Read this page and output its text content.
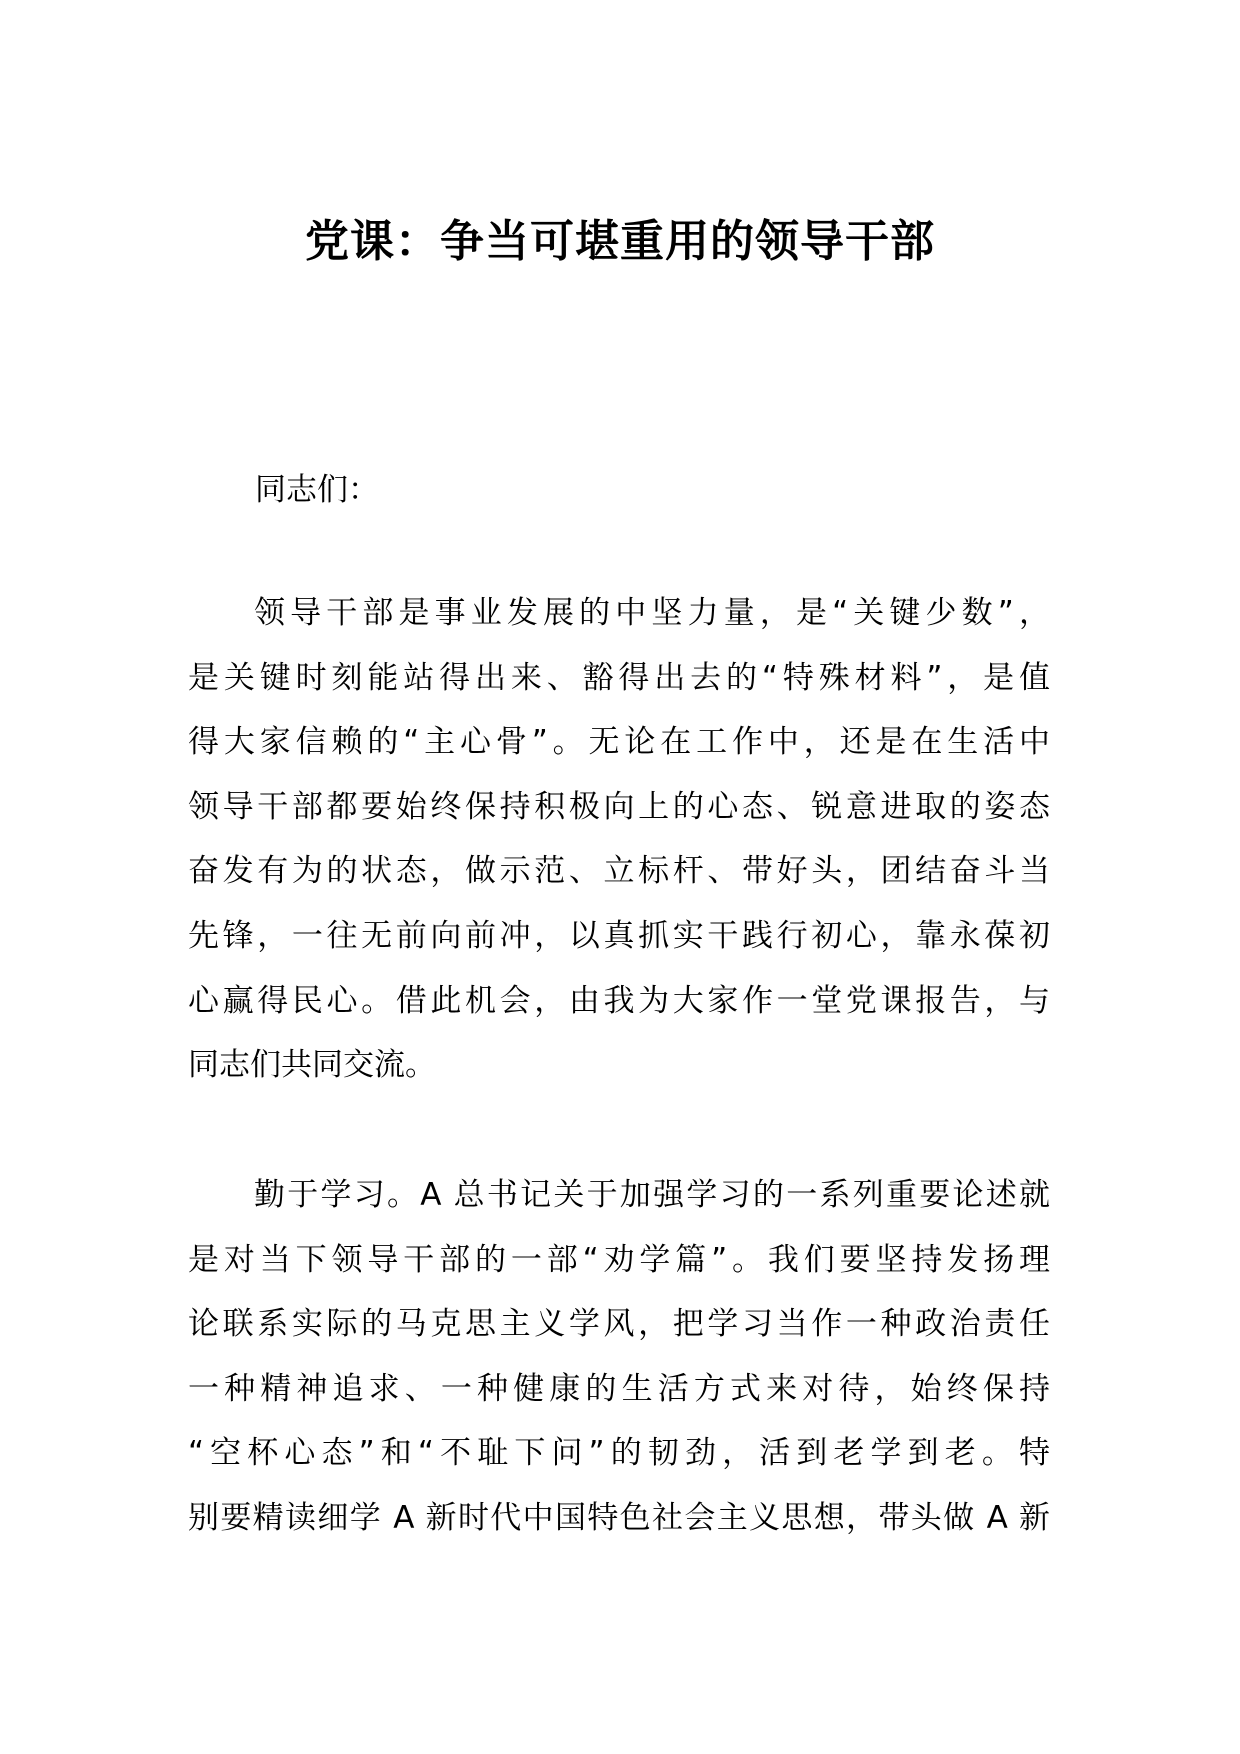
党课：争当可堪重用的领导干部
同志们：
领导干部是事业发展的中坚力量，是“关键少数”，
是关键时刻能站得出来、豁得出去的“特殊材料”，是值
得大家信赖的“主心骨”。无论在工作中，还是在生活中
领导干部都要始终保持积极向上的心态、锐意进取的姿态
奋发有为的状态，做示范、立标杆、带好头，团结奋斗当
先锋，一往无前向前冲，以真抓实干践行初心，靠永葆初
心赢得民心。借此机会，由我为大家作一堂党课报告，与
同志们共同交流。
勤于学习。A 总书记关于加强学习的一系列重要论述就
是对当下领导干部的一部“劝学篇”。我们要坚持发扬理
论联系实际的马克思主义学风，把学习当作一种政治责任
一种精神追求、一种健康的生活方式来对待，始终保持
“空杯心态”和“不耻下问”的韧劲，活到老学到老。特
别要精读细学 A 新时代中国特色社会主义思想，带头做 A 新
